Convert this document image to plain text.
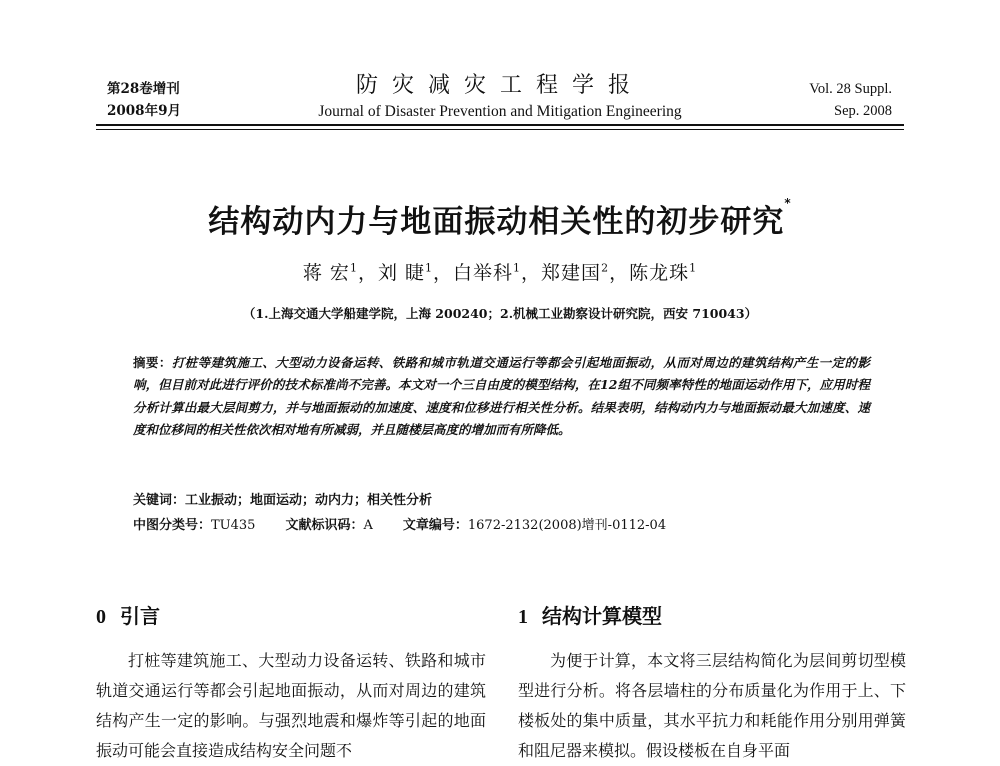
第28卷增刊
2008年9月
防灾减灾工程学报
Journal of Disaster Prevention and Mitigation Engineering
Vol. 28 Suppl.
Sep. 2008
结构动内力与地面振动相关性的初步研究*
蒋 宏$^1$，刘 睫$^1$，白举科$^1$，郑建国$^2$，陈龙珠$^1$
（1.上海交通大学船建学院，上海 200240；2.机械工业勘察设计研究院，西安 710043）
摘要：打桩等建筑施工、大型动力设备运转、铁路和城市轨道交通运行等都会引起地面振动，从而对周边的建筑结构产生一定的影响，但目前对此进行评价的技术标准尚不完善。本文对一个三自由度的模型结构，在12组不同频率特性的地面运动作用下，应用时程分析计算出最大层间剪力，并与地面振动的加速度、速度和位移进行相关性分析。结果表明，结构动内力与地面振动最大加速度、速度和位移间的相关性依次相对地有所减弱，并且随楼层高度的增加而有所降低。
关键词：工业振动；地面运动；动内力；相关性分析
中图分类号：TU435 文献标识码：A 文章编号：1672-2132(2008)增刊-0112-04
0 引言	1 结构计算模型
打桩等建筑施工、大型动力设备运转、铁路和城市轨道交通运行等都会引起地面振动，从而对周边的建筑结构产生一定的影响。与强烈地震和爆炸等引起的地面振动可能会直接造成结构安全问题不
为便于计算，本文将三层结构简化为层间剪切型模型进行分析。将各层墙柱的分布质量化为作用于上、下楼板处的集中质量，其水平抗力和耗能作用分别用弹簧和阻尼器来模拟。假设楼板在自身平面
